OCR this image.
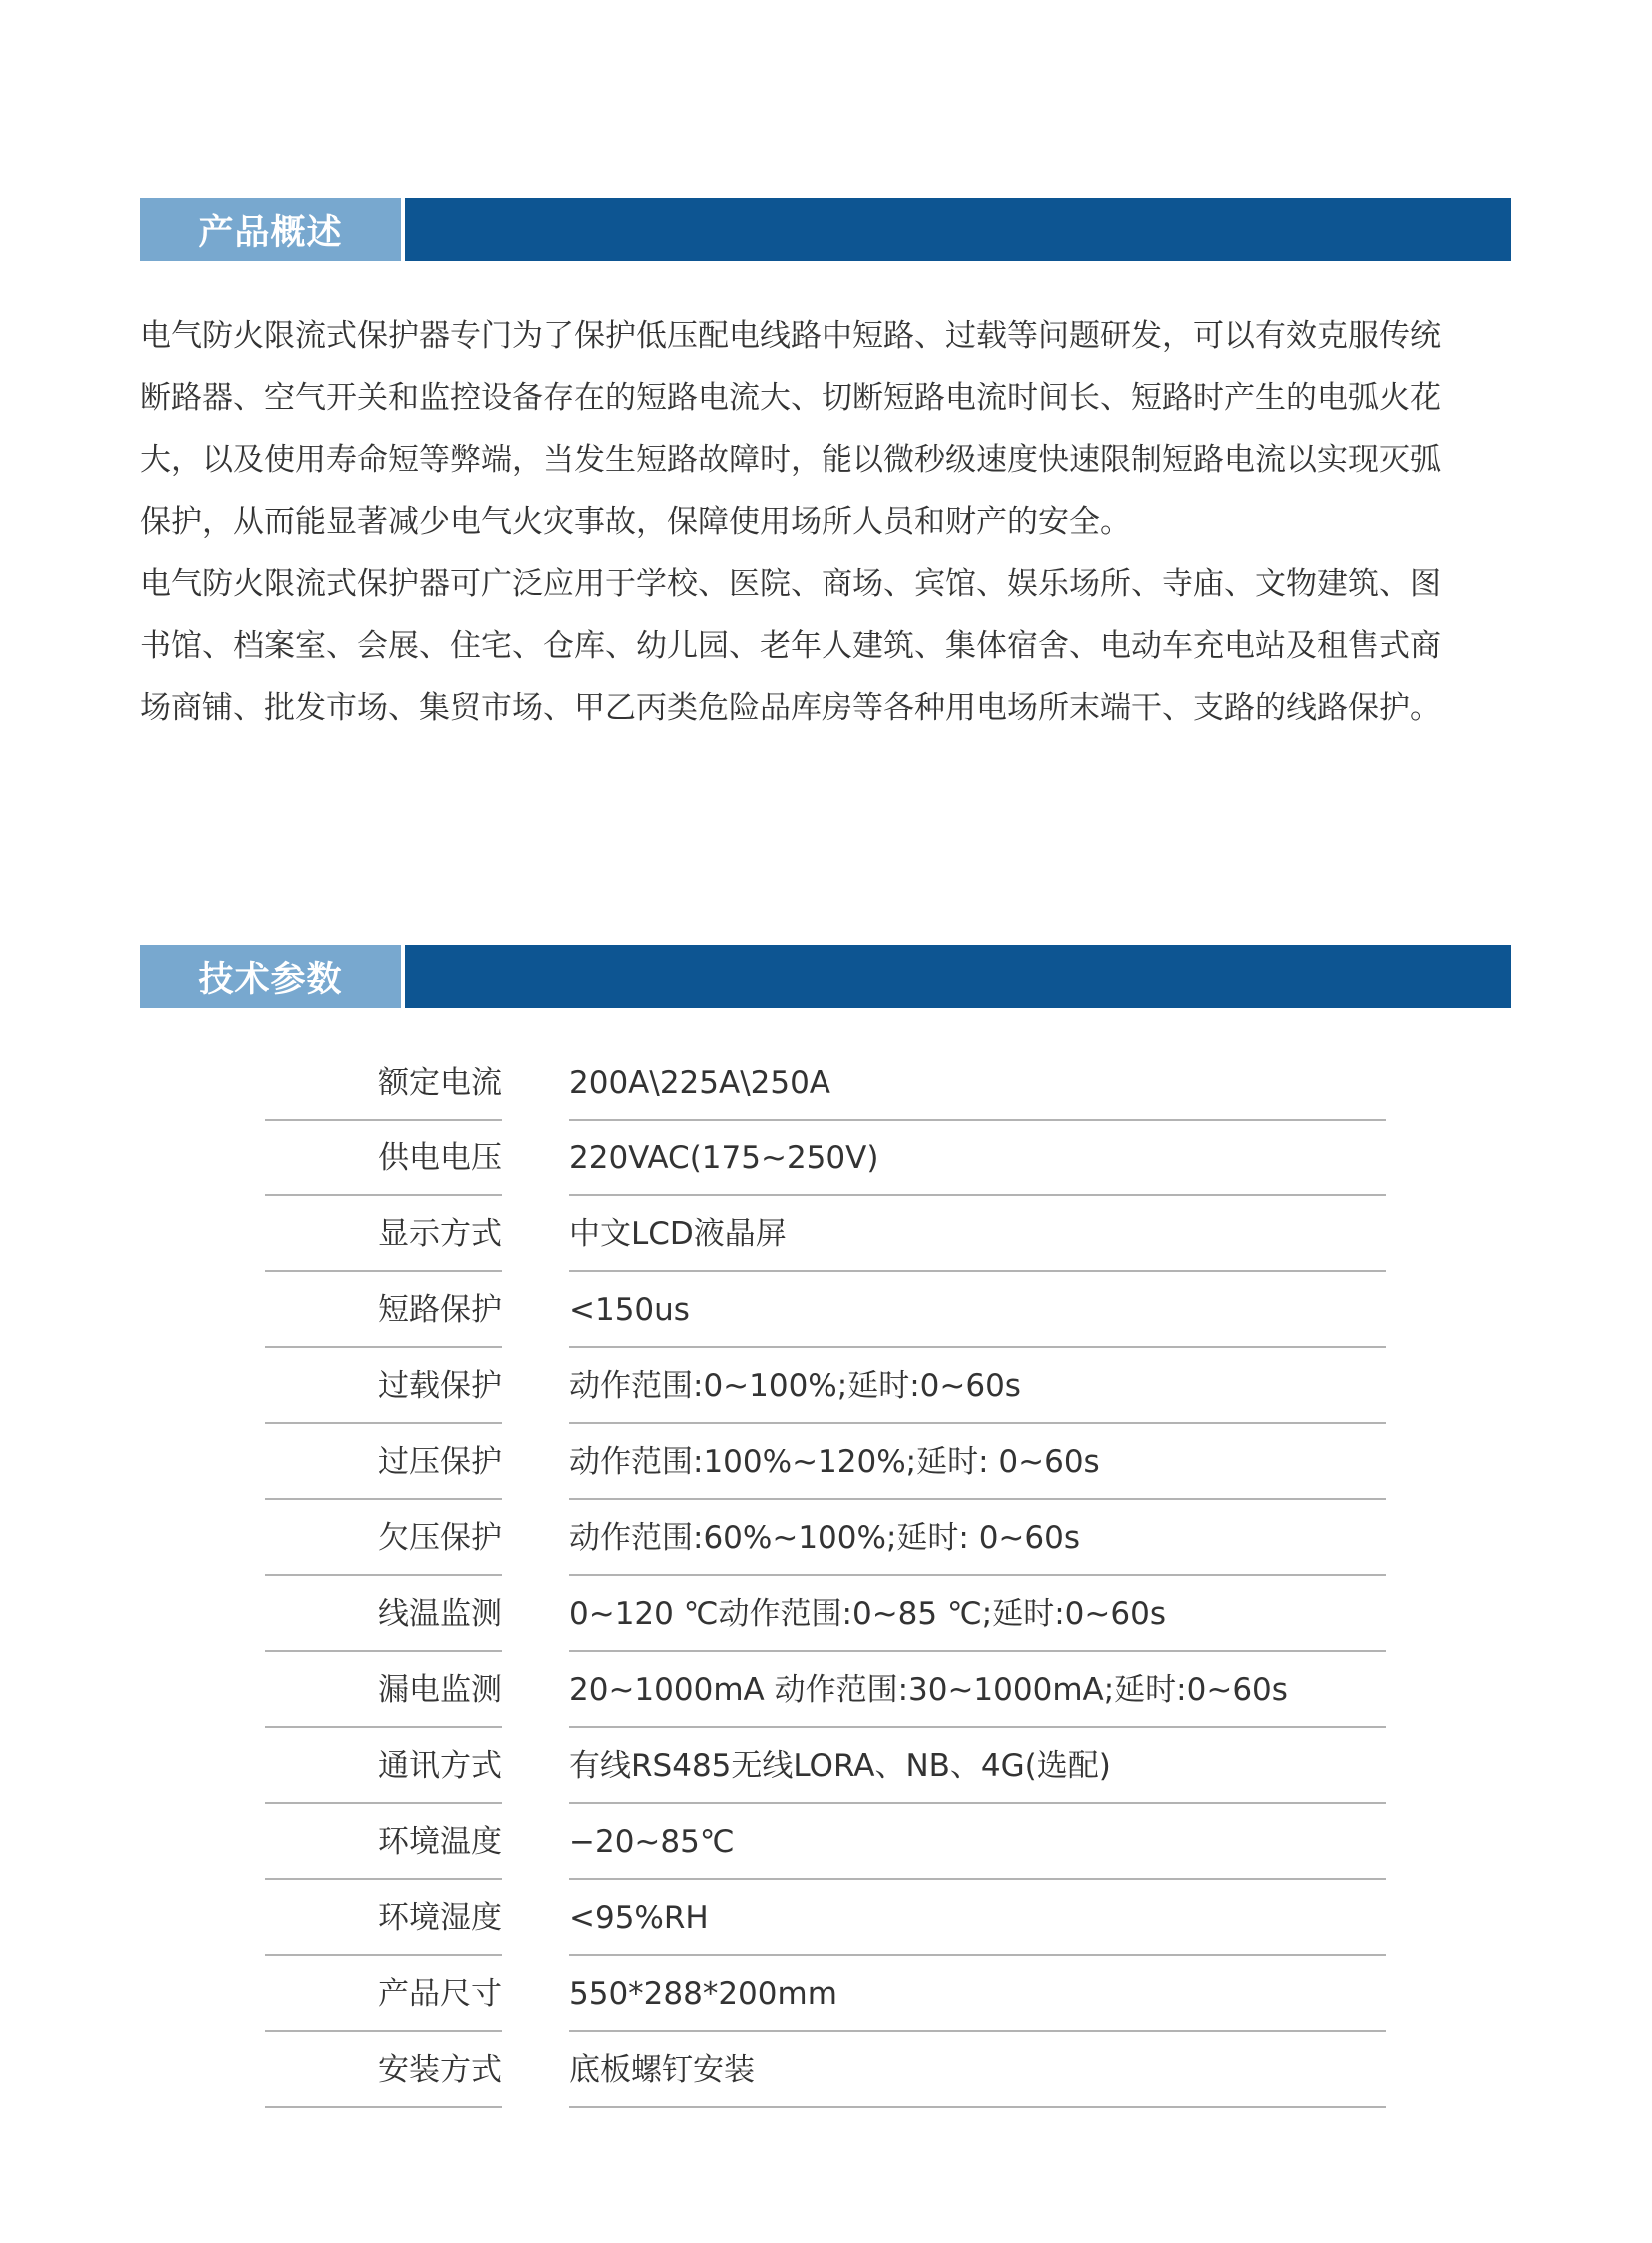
产品概述

电气防火限流式保护器专门为了保护低压配电线路中短路、过载等问题研发，可以有效克服传统断路器、空气开关和监控设备存在的短路电流大、切断短路电流时间长、短路时产生的电弧火花大，以及使用寿命短等弊端，当发生短路故障时，能以微秒级速度快速限制短路电流以实现灭弧保护，从而能显著减少电气火灾事故，保障使用场所人员和财产的安全。

电气防火限流式保护器可广泛应用于学校、医院、商场、宾馆、娱乐场所、寺庙、文物建筑、图书馆、档案室、会展、住宅、仓库、幼儿园、老年人建筑、集体宿舍、电动车充电站及租售式商场商铺、批发市场、集贸市场、甲乙丙类危险品库房等各种用电场所末端干、支路的线路保护。

技术参数
额定电流 200A\225A\250A
供电电压 220VAC(175~250V)
显示方式 中文LCD液晶屏
短路保护 <150us
过载保护 动作范围:0~100%;延时:0~60s
过压保护 动作范围:100%~120%;延时: 0~60s
欠压保护 动作范围:60%~100%;延时: 0~60s
线温监测 0~120 ℃动作范围:0~85 ℃;延时:0~60s
漏电监测 20~1000mA 动作范围:30~1000mA;延时:0~60s
通讯方式 有线RS485无线LORA、NB、4G(选配)
环境温度 −20~85℃
环境湿度 <95%RH
产品尺寸 550*288*200mm
安装方式 底板螺钉安装
